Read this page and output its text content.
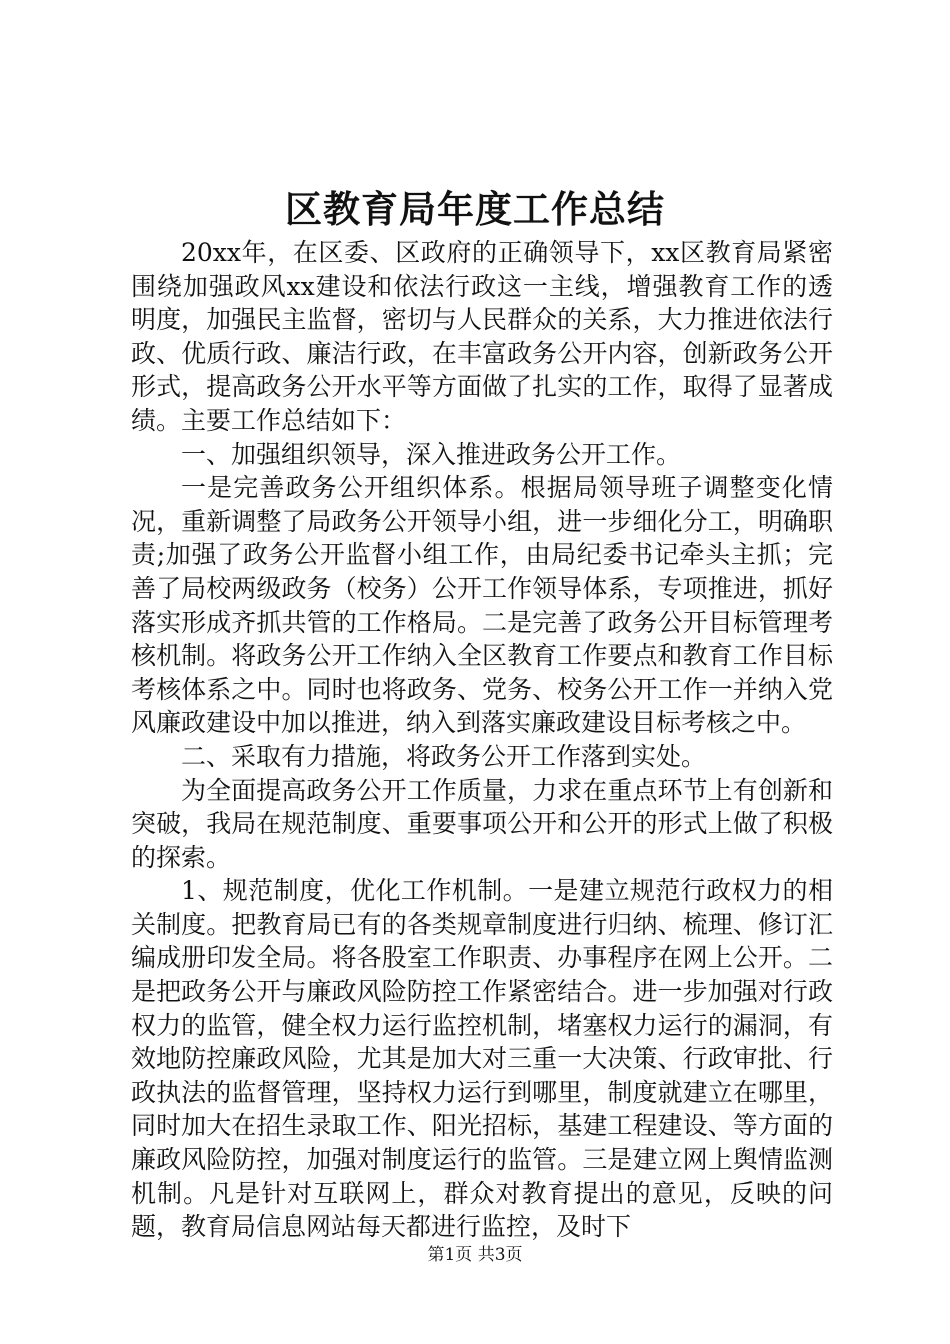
区教育局年度工作总结

20xx年，在区委、区政府的正确领导下，xx区教育局紧密围绕加强政风xx建设和依法行政这一主线，增强教育工作的透明度，加强民主监督，密切与人民群众的关系，大力推进依法行政、优质行政、廉洁行政，在丰富政务公开内容，创新政务公开形式，提高政务公开水平等方面做了扎实的工作，取得了显著成绩。主要工作总结如下：

一、加强组织领导，深入推进政务公开工作。

一是完善政务公开组织体系。根据局领导班子调整变化情况，重新调整了局政务公开领导小组，进一步细化分工，明确职责;加强了政务公开监督小组工作，由局纪委书记牵头主抓；完善了局校两级政务（校务）公开工作领导体系，专项推进，抓好落实形成齐抓共管的工作格局。二是完善了政务公开目标管理考核机制。将政务公开工作纳入全区教育工作要点和教育工作目标考核体系之中。同时也将政务、党务、校务公开工作一并纳入党风廉政建设中加以推进，纳入到落实廉政建设目标考核之中。

二、采取有力措施，将政务公开工作落到实处。

为全面提高政务公开工作质量，力求在重点环节上有创新和突破，我局在规范制度、重要事项公开和公开的形式上做了积极的探索。

1、规范制度，优化工作机制。一是建立规范行政权力的相关制度。把教育局已有的各类规章制度进行归纳、梳理、修订汇编成册印发全局。将各股室工作职责、办事程序在网上公开。二是把政务公开与廉政风险防控工作紧密结合。进一步加强对行政权力的监管，健全权力运行监控机制，堵塞权力运行的漏洞，有效地防控廉政风险，尤其是加大对三重一大决策、行政审批、行政执法的监督管理，坚持权力运行到哪里，制度就建立在哪里，同时加大在招生录取工作、阳光招标，基建工程建设、等方面的廉政风险防控，加强对制度运行的监管。三是建立网上舆情监测机制。凡是针对互联网上，群众对教育提出的意见，反映的问题，教育局信息网站每天都进行监控，及时下

第1页 共3页
